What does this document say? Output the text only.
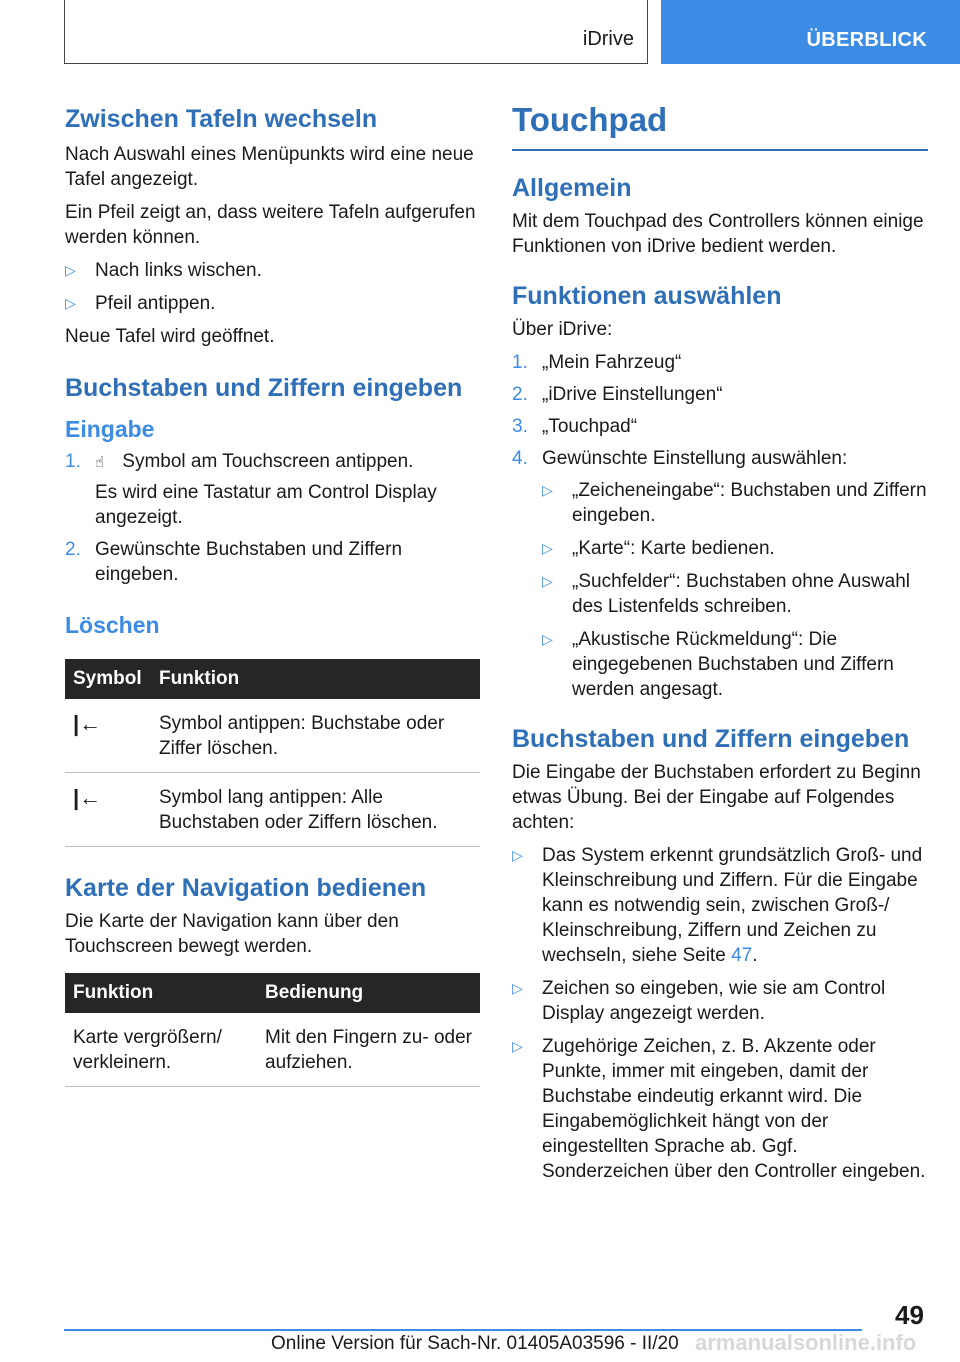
iDrive	ÜBERBLICK
Zwischen Tafeln wechseln

Nach Auswahl eines Menüpunkts wird eine neue Tafel angezeigt.

Ein Pfeil zeigt an, dass weitere Tafeln aufgerufen werden können.

▷ Nach links wischen.
▷ Pfeil antippen.

Neue Tafel wird geöffnet.

Buchstaben und Ziffern eingeben
Eingabe
1. ☝ Symbol am Touchscreen antippen.
Es wird eine Tastatur am Control Display angezeigt.
2. Gewünschte Buchstaben und Ziffern eingeben.
Löschen
Symbol	Funktion
|←	Symbol antippen: Buchstabe oder Ziffer löschen.
|←	Symbol lang antippen: Alle Buchstaben oder Ziffern löschen.
Karte der Navigation bedienen

Die Karte der Navigation kann über den Touchscreen bewegt werden.

Funktion	Bedienung
Karte vergrößern/ verkleinern.	Mit den Fingern zu- oder aufziehen.
Touchpad
Allgemein

Mit dem Touchpad des Controllers können einige Funktionen von iDrive bedient werden.

Funktionen auswählen

Über iDrive:

1. „Mein Fahrzeug“
2. „iDrive Einstellungen“
3. „Touchpad“
4. Gewünschte Einstellung auswählen:
▷ „Zeicheneingabe“: Buchstaben und Ziffern eingeben.
▷ „Karte“: Karte bedienen.
▷ „Suchfelder“: Buchstaben ohne Auswahl des Listenfelds schreiben.
▷ „Akustische Rückmeldung“: Die eingegebenen Buchstaben und Ziffern werden angesagt.
Buchstaben und Ziffern eingeben

Die Eingabe der Buchstaben erfordert zu Beginn etwas Übung. Bei der Eingabe auf Folgendes achten:

▷ Das System erkennt grundsätzlich Groß- und Kleinschreibung und Ziffern. Für die Eingabe kann es notwendig sein, zwischen Groß-/ Kleinschreibung, Ziffern und Zeichen zu wechseln, siehe Seite 47.
▷ Zeichen so eingeben, wie sie am Control Display angezeigt werden.
▷ Zugehörige Zeichen, z. B. Akzente oder Punkte, immer mit eingeben, damit der Buchstabe eindeutig erkannt wird. Die Eingabemöglichkeit hängt von der eingestellten Sprache ab. Ggf. Sonderzeichen über den Controller eingeben.
49
Online Version für Sach-Nr. 01405A03596 - II/20 armanualsonline.info
